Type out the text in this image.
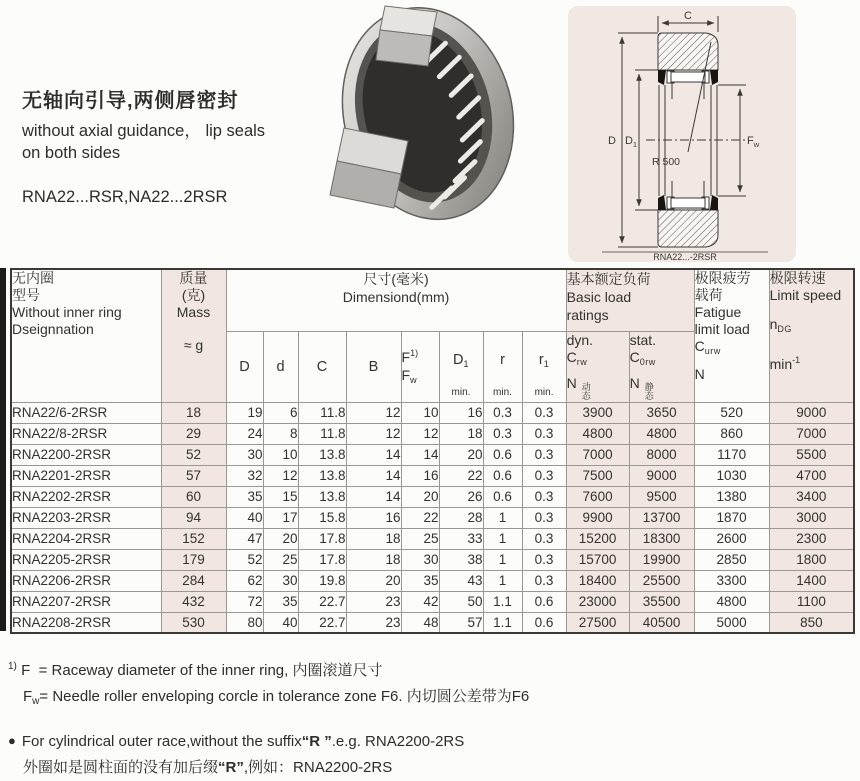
无轴向引导,两侧唇密封

without axial guidance， lip seals
on both sides

RNA22...RSR,NA22...2RSR
C
D $D_1$	$F_w$
R 500
RNA22...-2RSR
无内圈
型号
Without inner ring
Dseignnation

质量
(克)
Mass
≈ g

尺寸(毫米)
Dimensiond(mm)

基本额定负荷
Basic load
ratings

极限疲劳
载荷
Fatigue
limit load
$C_{urw}$
N

极限转速
Limit speed
$n_{DG}$
$\min^{-1}$

D	d	C	B	
$F^{1)}$
$F_w$

$D_1$
min.

r
min.

$r_1$
min.

dyn.
$C_{rw}$
N 动
态

stat.
$C_{0rw}$
N 静
态

RNA22/6-2RSR	18	19	6	11.8	12	10	16	0.3	0.3	3900	3650	520	9000
RNA22/8-2RSR	29	24	8	11.8	12	12	18	0.3	0.3	4800	4800	860	7000
RNA2200-2RSR	52	30	10	13.8	14	14	20	0.6	0.3	7000	8000	1170	5500
RNA2201-2RSR	57	32	12	13.8	14	16	22	0.6	0.3	7500	9000	1030	4700
RNA2202-2RSR	60	35	15	13.8	14	20	26	0.6	0.3	7600	9500	1380	3400
RNA2203-2RSR	94	40	17	15.8	16	22	28	1	0.3	9900	13700	1870	3000
RNA2204-2RSR	152	47	20	17.8	18	25	33	1	0.3	15200	18300	2600	2300
RNA2205-2RSR	179	52	25	17.8	18	30	38	1	0.3	15700	19900	2850	1800
RNA2206-2RSR	284	62	30	19.8	20	35	43	1	0.3	18400	25500	3300	1400
RNA2207-2RSR	432	72	35	22.7	23	42	50	1.1	0.6	23000	35500	4800	1100
RNA2208-2RSR	530	80	40	22.7	23	48	57	1.1	0.6	27500	40500	5000	850
$^{1)}$ F = Raceway diameter of the inner ring, 内圈滚道尺寸
$F_w=$ Needle roller enveloping corcle in tolerance zone F6. 内切圆公差带为F6
● For cylindrical outer race,without the suffix“R ”.e.g. RNA2200-2RS
外圈如是圆柱面的没有加后缀“R”,例如：RNA2200-2RS
